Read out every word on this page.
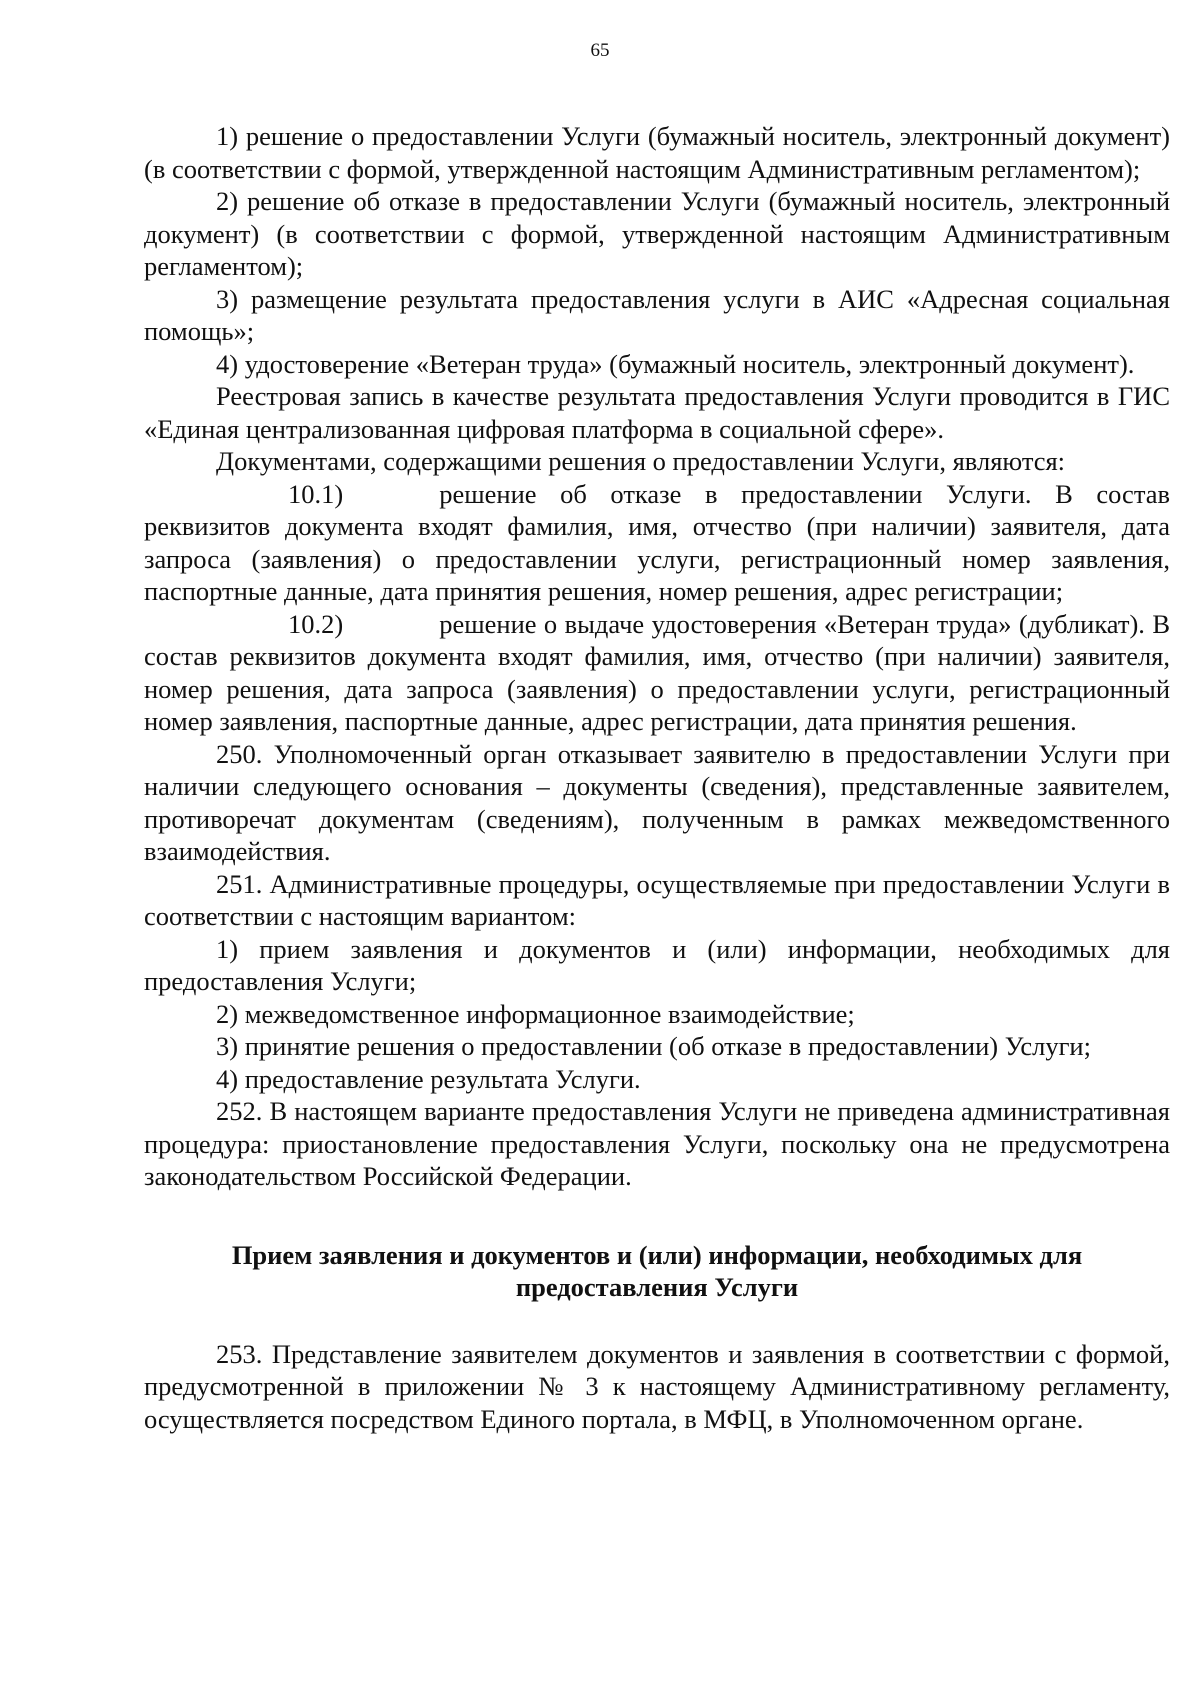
65

1) решение о предоставлении Услуги (бумажный носитель, электронный документ) (в соответствии с формой, утвержденной настоящим Административным регламентом);

2) решение об отказе в предоставлении Услуги (бумажный носитель, электронный документ) (в соответствии с формой, утвержденной настоящим Административным регламентом);

3) размещение результата предоставления услуги в АИС «Адресная социальная помощь»;

4) удостоверение «Ветеран труда» (бумажный носитель, электронный документ).

Реестровая запись в качестве результата предоставления Услуги проводится в ГИС «Единая централизованная цифровая платформа в социальной сфере».

Документами, содержащими решения о предоставлении Услуги, являются:

10.1)	решение об отказе в предоставлении Услуги. В состав реквизитов документа входят фамилия, имя, отчество (при наличии) заявителя, дата запроса (заявления) о предоставлении услуги, регистрационный номер заявления, паспортные данные, дата принятия решения, номер решения, адрес регистрации;

10.2)	решение о выдаче удостоверения «Ветеран труда» (дубликат). В состав реквизитов документа входят фамилия, имя, отчество (при наличии) заявителя, номер решения, дата запроса (заявления) о предоставлении услуги, регистрационный номер заявления, паспортные данные, адрес регистрации, дата принятия решения.

250. Уполномоченный орган отказывает заявителю в предоставлении Услуги при наличии следующего основания – документы (сведения), представленные заявителем, противоречат документам (сведениям), полученным в рамках межведомственного взаимодействия.

251. Административные процедуры, осуществляемые при предоставлении Услуги в соответствии с настоящим вариантом:

1) прием заявления и документов и (или) информации, необходимых для предоставления Услуги;

2) межведомственное информационное взаимодействие;

3) принятие решения о предоставлении (об отказе в предоставлении) Услуги;

4) предоставление результата Услуги.

252. В настоящем варианте предоставления Услуги не приведена административная процедура: приостановление предоставления Услуги, поскольку она не предусмотрена законодательством Российской Федерации.

Прием заявления и документов и (или) информации, необходимых для
предоставления Услуги

253. Представление заявителем документов и заявления в соответствии с формой, предусмотренной в приложении № 3 к настоящему Административному регламенту, осуществляется посредством Единого портала, в МФЦ, в Уполномоченном органе.
